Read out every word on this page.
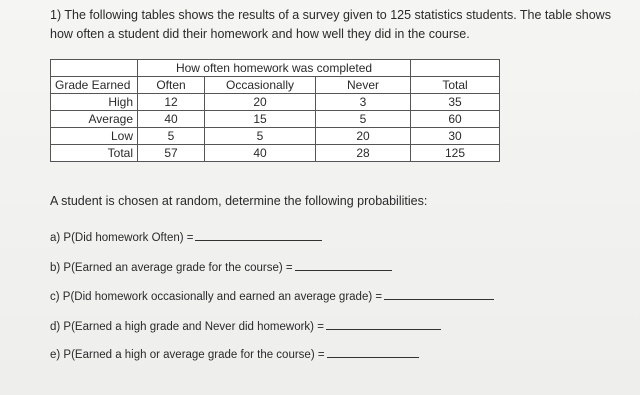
1) The following tables shows the results of a survey given to 125 statistics students. The table shows how often a student did their homework and how well they did in the course.
	How often homework was completed			
Grade Earned	Often	Occasionally	Never	Total
High	12	20	3	35
Average	40	15	5	60
Low	5	5	20	30
Total	57	40	28	125
A student is chosen at random, determine the following probabilities:
a) P(Did homework Often) =
b) P(Earned an average grade for the course) =
c) P(Did homework occasionally and earned an average grade) =
d) P(Earned a high grade and Never did homework) =
e) P(Earned a high or average grade for the course) =
